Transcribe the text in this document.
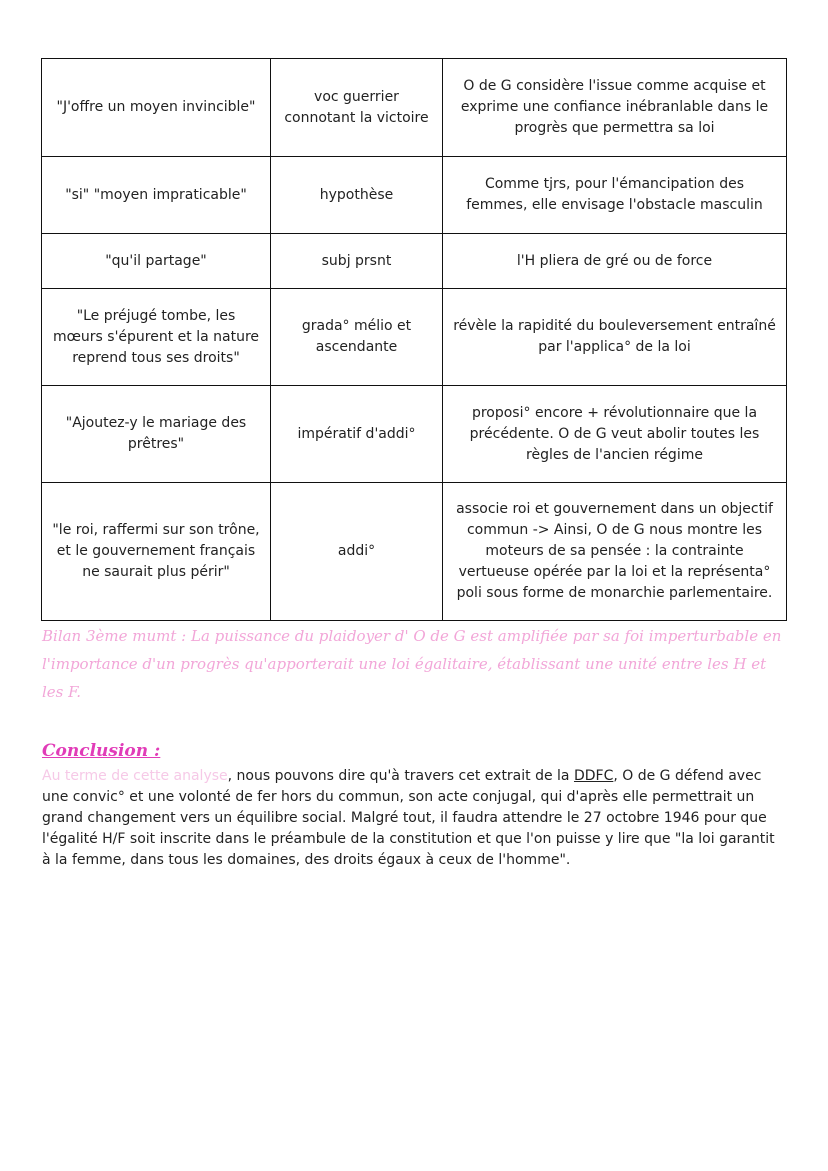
"J'offre un moyen invincible"	voc guerrier connotant la victoire	O de G considère l'issue comme acquise et exprime une confiance inébranlable dans le progrès que permettra sa loi
"si" "moyen impraticable"	hypothèse	Comme tjrs, pour l'émancipation des femmes, elle envisage l'obstacle masculin
"qu'il partage"	subj prsnt	l'H pliera de gré ou de force
"Le préjugé tombe, les mœurs s'épurent et la nature reprend tous ses droits"	grada° mélio et ascendante	révèle la rapidité du bouleversement entraîné par l'applica° de la loi
"Ajoutez-y le mariage des prêtres"	impératif d'addi°	proposi° encore + révolutionnaire que la précédente. O de G veut abolir toutes les règles de l'ancien régime
"le roi, raffermi sur son trône, et le gouvernement français ne saurait plus périr"	addi°	associe roi et gouvernement dans un objectif commun -> Ainsi, O de G nous montre les moteurs de sa pensée : la contrainte vertueuse opérée par la loi et la représenta° poli sous forme de monarchie parlementaire.
Bilan 3ème mumt : La puissance du plaidoyer d' O de G est amplifiée par sa foi imperturbable en l'importance d'un progrès qu'apporterait une loi égalitaire, établissant une unité entre les H et les F.
Conclusion :
Au terme de cette analyse, nous pouvons dire qu'à travers cet extrait de la DDFC, O de G défend avec une convic° et une volonté de fer hors du commun, son acte conjugal, qui d'après elle permettrait un grand changement vers un équilibre social. Malgré tout, il faudra attendre le 27 octobre 1946 pour que l'égalité H/F soit inscrite dans le préambule de la constitution et que l'on puisse y lire que "la loi garantit à la femme, dans tous les domaines, des droits égaux à ceux de l'homme".
